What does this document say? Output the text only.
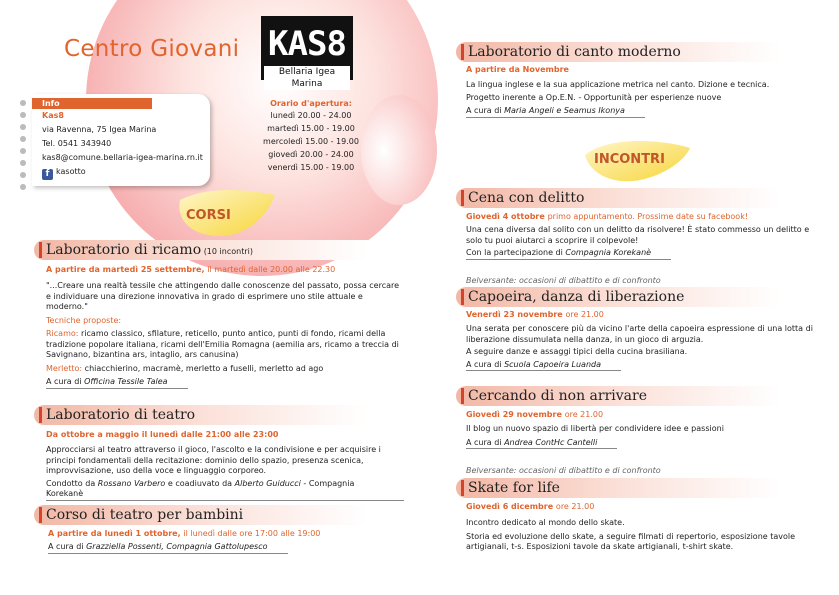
Centro Giovani KAS8
Bellaria Igea Marina
Info
Kas8
via Ravenna, 75 Igea Marina
Tel. 0541 343940
kas8@comune.bellaria-igea-marina.rn.it
f kasotto
Orario d'apertura:
lunedì 20.00 - 24.00
martedì 15.00 - 19.00
mercoledì 15.00 - 19.00
giovedì 20.00 - 24.00
venerdì 15.00 - 19.00
CORSI
INCONTRI
Laboratorio di ricamo (10 incontri)
A partire da martedì 25 settembre, il martedì dalle 20.00 alle 22.30
"...Creare una realtà tessile che attingendo dalle conoscenze del passato, possa cercare e individuare una direzione innovativa in grado di esprimere uno stile attuale e moderno."
Tecniche proposte:
Ricamo: ricamo classico, sfilature, reticello, punto antico, punti di fondo, ricami della tradizione popolare italiana, ricami dell'Emilia Romagna (aemilia ars, ricamo a treccia di Savignano, bizantina ars, intaglio, ars canusina)
Merletto: chiacchierino, macramè, merletto a fuselli, merletto ad ago
A cura di Officina Tessile Talea
Laboratorio di teatro
Da ottobre a maggio il lunedì dalle 21:00 alle 23:00
Approcciarsi al teatro attraverso il gioco, l'ascolto e la condivisione e per acquisire i principi fondamentali della recitazione: dominio dello spazio, presenza scenica, improvvisazione, uso della voce e linguaggio corporeo.
Condotto da Rossano Varbero e coadiuvato da Alberto Guiducci - Compagnia Korekanè
Corso di teatro per bambini
A partire da lunedì 1 ottobre, il lunedì dalle ore 17:00 alle 19:00
A cura di Grazziella Possenti, Compagnia Gattolupesco
Laboratorio di canto moderno
A partire da Novembre
La lingua inglese e la sua applicazione metrica nel canto. Dizione e tecnica.
Progetto inerente a Op.E.N. - Opportunità per esperienze nuove
A cura di Maria Angeli e Seamus Ikonya
Cena con delitto
Giovedì 4 ottobre primo appuntamento. Prossime date su facebook!
Una cena diversa dal solito con un delitto da risolvere! È stato commesso un delitto e solo tu puoi aiutarci a scoprire il colpevole!
Con la partecipazione di Compagnia Korekanè
Belversante: occasioni di dibattito e di confronto
Capoeira, danza di liberazione
Venerdì 23 novembre ore 21.00
Una serata per conoscere più da vicino l'arte della capoeira espressione di una lotta di liberazione dissumulata nella danza, in un gioco di arguzia.
A seguire danze e assaggi tipici della cucina brasiliana.
A cura di Scuola Capoeira Luanda
Cercando di non arrivare
Giovedì 29 novembre ore 21.00
Il blog un nuovo spazio di libertà per condividere idee e passioni
A cura di Andrea ContHc Cantelli
Belversante: occasioni di dibattito e di confronto
Skate for life
Giovedì 6 dicembre ore 21.00
Incontro dedicato al mondo dello skate.
Storia ed evoluzione dello skate, a seguire filmati di repertorio, esposizione tavole artigianali, t-s. Esposizioni tavole da skate artigianali, t-shirt skate.
